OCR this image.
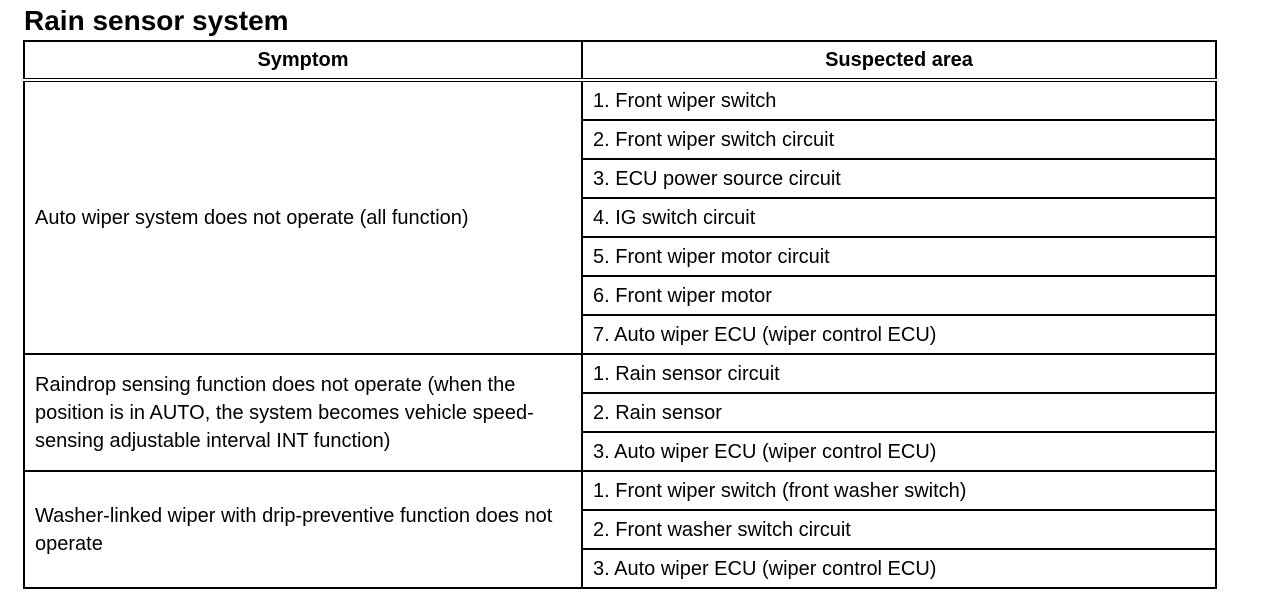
Rain sensor system
Symptom	Suspected area
Auto wiper system does not operate (all function)	1. Front wiper switch
	2. Front wiper switch circuit
	3. ECU power source circuit
	4. IG switch circuit
	5. Front wiper motor circuit
	6. Front wiper motor
	7. Auto wiper ECU (wiper control ECU)
Raindrop sensing function does not operate (when the position is in AUTO, the system becomes vehicle speed-sensing adjustable interval INT function)	1. Rain sensor circuit
	2. Rain sensor
	3. Auto wiper ECU (wiper control ECU)
Washer-linked wiper with drip-preventive function does not operate	1. Front wiper switch (front washer switch)
	2. Front washer switch circuit
	3. Auto wiper ECU (wiper control ECU)
